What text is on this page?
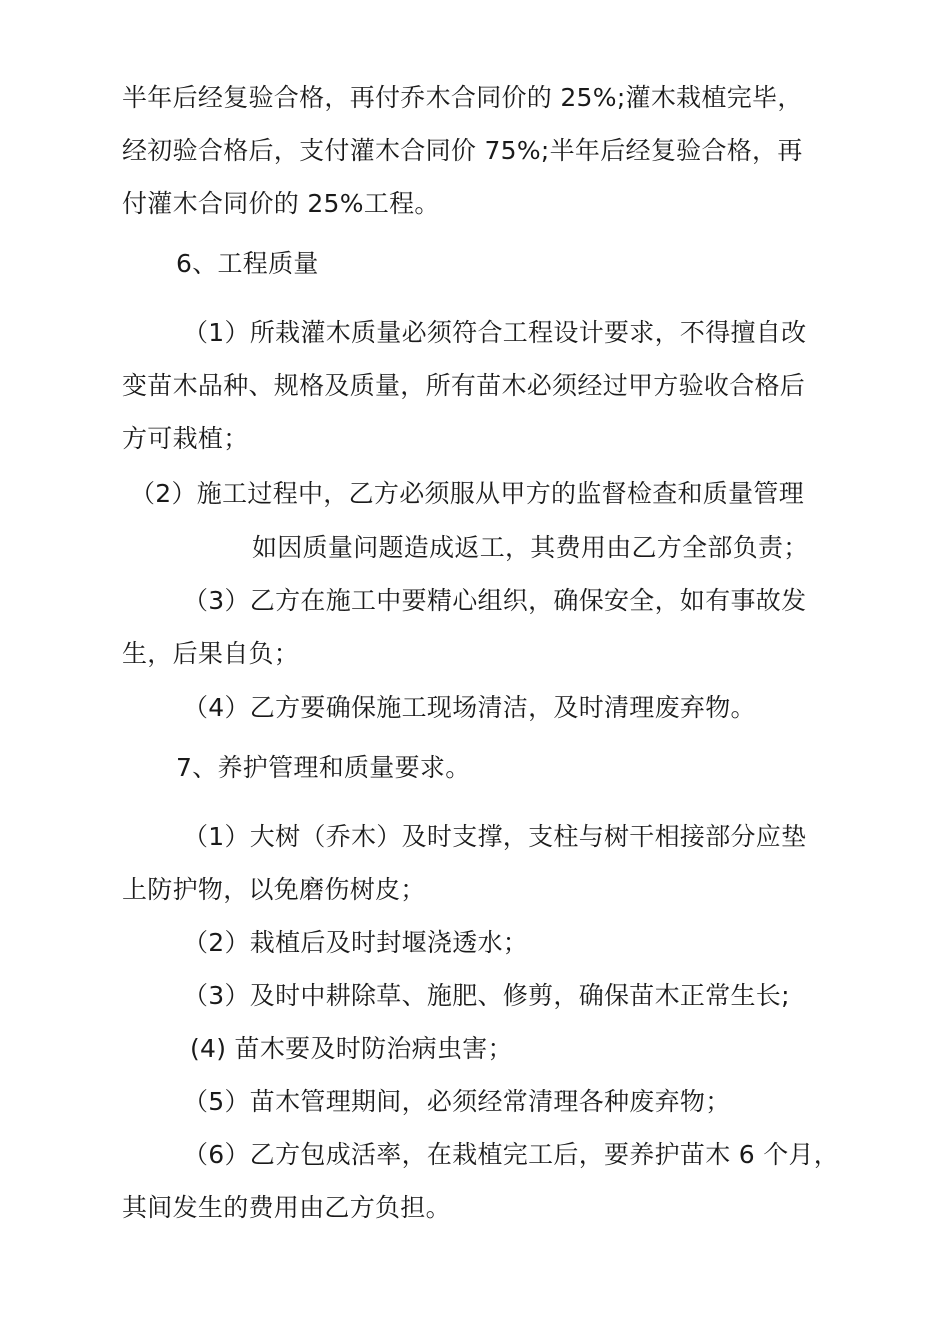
半年后经复验合格，再付乔木合同价的 25%;灌木栽植完毕，
经初验合格后，支付灌木合同价 75%;半年后经复验合格，再
付灌木合同价的 25%工程。
6、工程质量
（1）所栽灌木质量必须符合工程设计要求，不得擅自改
变苗木品种、规格及质量，所有苗木必须经过甲方验收合格后
方可栽植；
（2）施工过程中，乙方必须服从甲方的监督检查和质量管理
如因质量问题造成返工，其费用由乙方全部负责；
（3）乙方在施工中要精心组织，确保安全，如有事故发
生，后果自负；
（4）乙方要确保施工现场清洁，及时清理废弃物。
7、养护管理和质量要求。
（1）大树（乔木）及时支撑，支柱与树干相接部分应垫
上防护物，以免磨伤树皮；
（2）栽植后及时封堰浇透水；
（3）及时中耕除草、施肥、修剪，确保苗木正常生长;
(4) 苗木要及时防治病虫害；
（5）苗木管理期间，必须经常清理各种废弃物；
（6）乙方包成活率，在栽植完工后，要养护苗木 6 个月，
其间发生的费用由乙方负担。
